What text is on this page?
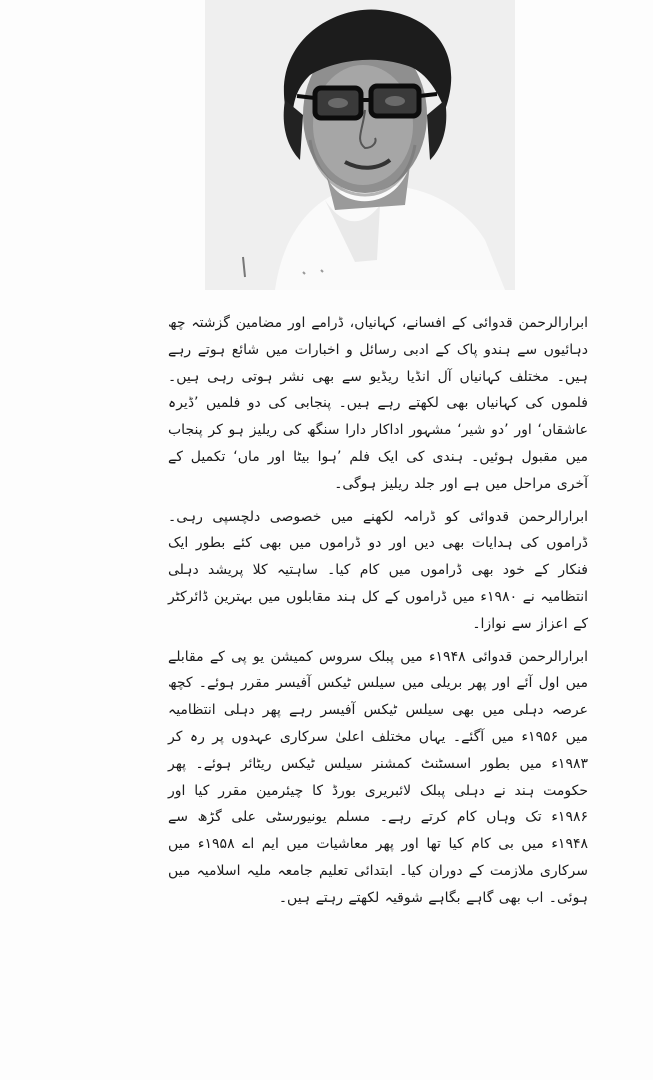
ابرارالرحمن قدوائی کے افسانے، کہانیاں، ڈرامے اور مضامین گزشتہ چھ دہائیوں سے ہندو پاک کے ادبی رسائل و اخبارات میں شائع ہوتے رہے ہیں۔ مختلف کہانیاں آل انڈیا ریڈیو سے بھی نشر ہوتی رہی ہیں۔ فلموں کی کہانیاں بھی لکھتے رہے ہیں۔ پنجابی کی دو فلمیں ’ڈیرہ عاشقاں‘ اور ’دو شیر‘ مشہور اداکار دارا سنگھ کی ریلیز ہو کر پنجاب میں مقبول ہوئیں۔ ہندی کی ایک فلم ’ہوا بیٹا اور ماں‘ تکمیل کے آخری مراحل میں ہے اور جلد ریلیز ہوگی۔

ابرارالرحمن قدوائی کو ڈرامہ لکھنے میں خصوصی دلچسپی رہی۔ ڈراموں کی ہدایات بھی دیں اور دو ڈراموں میں بھی کئے بطور ایک فنکار کے خود بھی ڈراموں میں کام کیا۔ ساہتیہ کلا پریشد دہلی انتظامیہ نے ۱۹۸۰ء میں ڈراموں کے کل ہند مقابلوں میں بہترین ڈائرکٹر کے اعزاز سے نوازا۔

ابرارالرحمن قدوائی ۱۹۴۸ء میں پبلک سروس کمیشن یو پی کے مقابلے میں اول آئے اور پھر بریلی میں سیلس ٹیکس آفیسر مقرر ہوئے۔ کچھ عرصہ دہلی میں بھی سیلس ٹیکس آفیسر رہے پھر دہلی انتظامیہ میں ۱۹۵۶ء میں آگئے۔ یہاں مختلف اعلیٰ سرکاری عہدوں پر رہ کر ۱۹۸۳ء میں بطور اسسٹنٹ کمشنر سیلس ٹیکس ریٹائر ہوئے۔ پھر حکومت ہند نے دہلی پبلک لائبریری بورڈ کا چیئرمین مقرر کیا اور ۱۹۸۶ء تک وہاں کام کرتے رہے۔ مسلم یونیورسٹی علی گڑھ سے ۱۹۴۸ء میں بی کام کیا تھا اور پھر معاشیات میں ایم اے ۱۹۵۸ء میں سرکاری ملازمت کے دوران کیا۔ ابتدائی تعلیم جامعہ ملیہ اسلامیہ میں ہوئی۔ اب بھی گاہے بگاہے شوقیہ لکھتے رہتے ہیں۔
